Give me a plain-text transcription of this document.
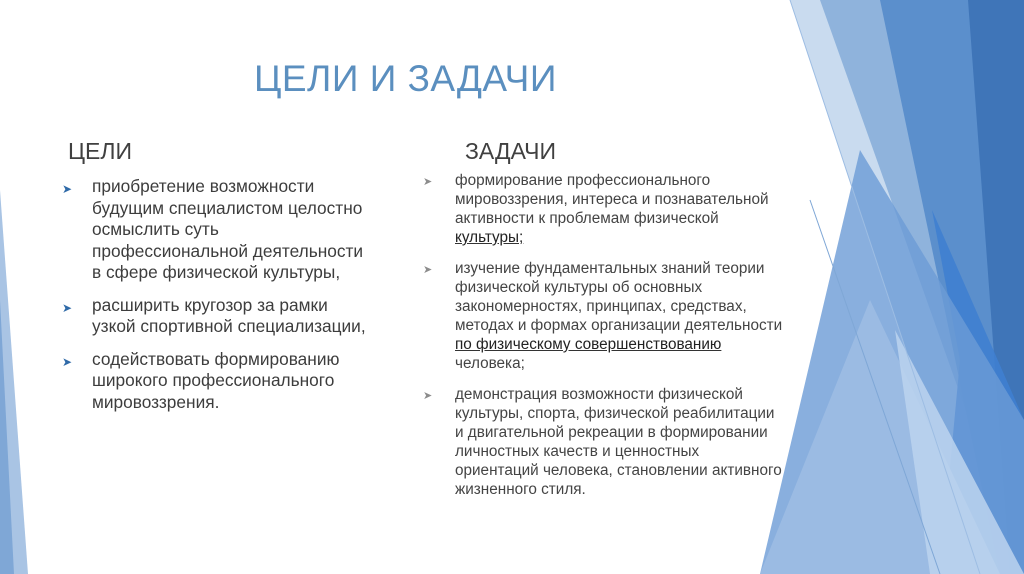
ЦЕЛИ И ЗАДАЧИ
ЦЕЛИ	ЗАДАЧИ
➤ приобретение возможности
будущим специалистом целостно
осмыслить суть
профессиональной деятельности
в сфере физической культуры,
➤ расширить кругозор за рамки
узкой спортивной специализации,
➤ содействовать формированию
широкого профессионального
мировоззрения.
➤ формирование профессионального
мировоззрения, интереса и познавательной
активности к проблемам физической
культуры;
➤ изучение фундаментальных знаний теории
физической культуры об основных
закономерностях, принципах, средствах,
методах и формах организации деятельности
по физическому совершенствованию
человека;
➤ демонстрация возможности физической
культуры, спорта, физической реабилитации
и двигательной рекреации в формировании
личностных качеств и ценностных
ориентаций человека, становлении активного
жизненного стиля.
